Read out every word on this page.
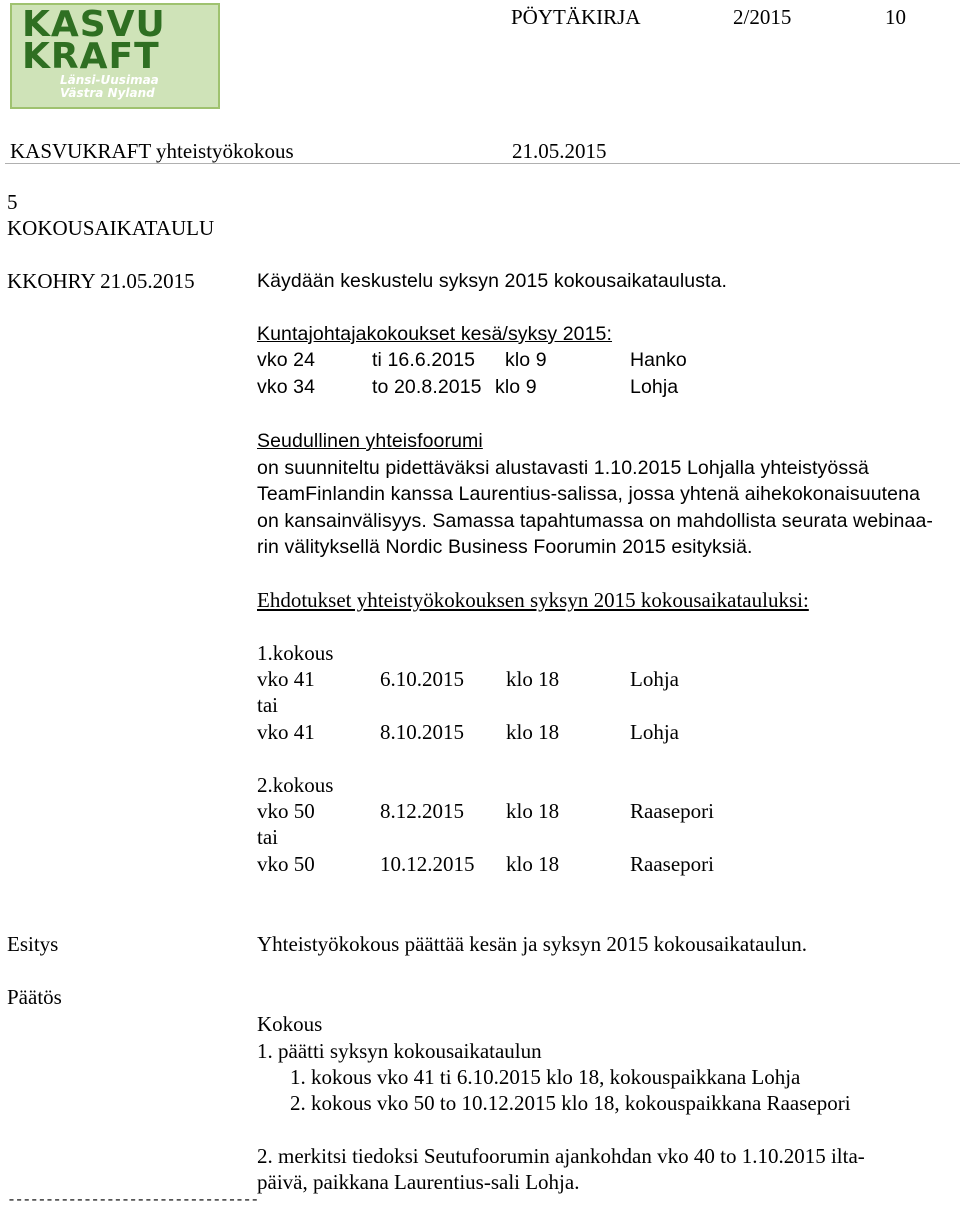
KASVU
KRAFT
Länsi-Uusimaa
Västra Nyland
PÖYTÄKIRJA	2/2015	10
KASVUKRAFT yhteistyökokous	21.05.2015
5
KOKOUSAIKATAULU
KKOHRY 21.05.2015	Käydään keskustelu syksyn 2015 kokousaikataulusta.
Kuntajohtajakokoukset kesä/syksy 2015:
vko 24	ti 16.6.2015 klo 9	Hanko
vko 34	to 20.8.2015 klo 9	Lohja
Seudullinen yhteisfoorumi
on suunniteltu pidettäväksi alustavasti 1.10.2015 Lohjalla yhteistyössä
TeamFinlandin kanssa Laurentius-salissa, jossa yhtenä aihekokonaisuutena
on kansainvälisyys. Samassa tapahtumassa on mahdollista seurata webinaa-
rin välityksellä Nordic Business Foorumin 2015 esityksiä.
Ehdotukset yhteistyökokouksen syksyn 2015 kokousaikatauluksi:
1.kokous
vko 41	6.10.2015 klo 18	Lohja
tai
vko 41	8.10.2015 klo 18	Lohja
2.kokous
vko 50	8.12.2015 klo 18	Raasepori
tai
vko 50	10.12.2015 klo 18	Raasepori
Esitys	Yhteistyökokous päättää kesän ja syksyn 2015 kokousaikataulun.
Päätös
Kokous
1. päätti syksyn kokousaikataulun
1. kokous vko 41 ti 6.10.2015 klo 18, kokouspaikkana Lohja
2. kokous vko 50 to 10.12.2015 klo 18, kokouspaikkana Raasepori
2. merkitsi tiedoksi Seutufoorumin ajankohdan vko 40 to 1.10.2015 ilta-
päivä, paikkana Laurentius-sali Lohja.
---------------------------------
